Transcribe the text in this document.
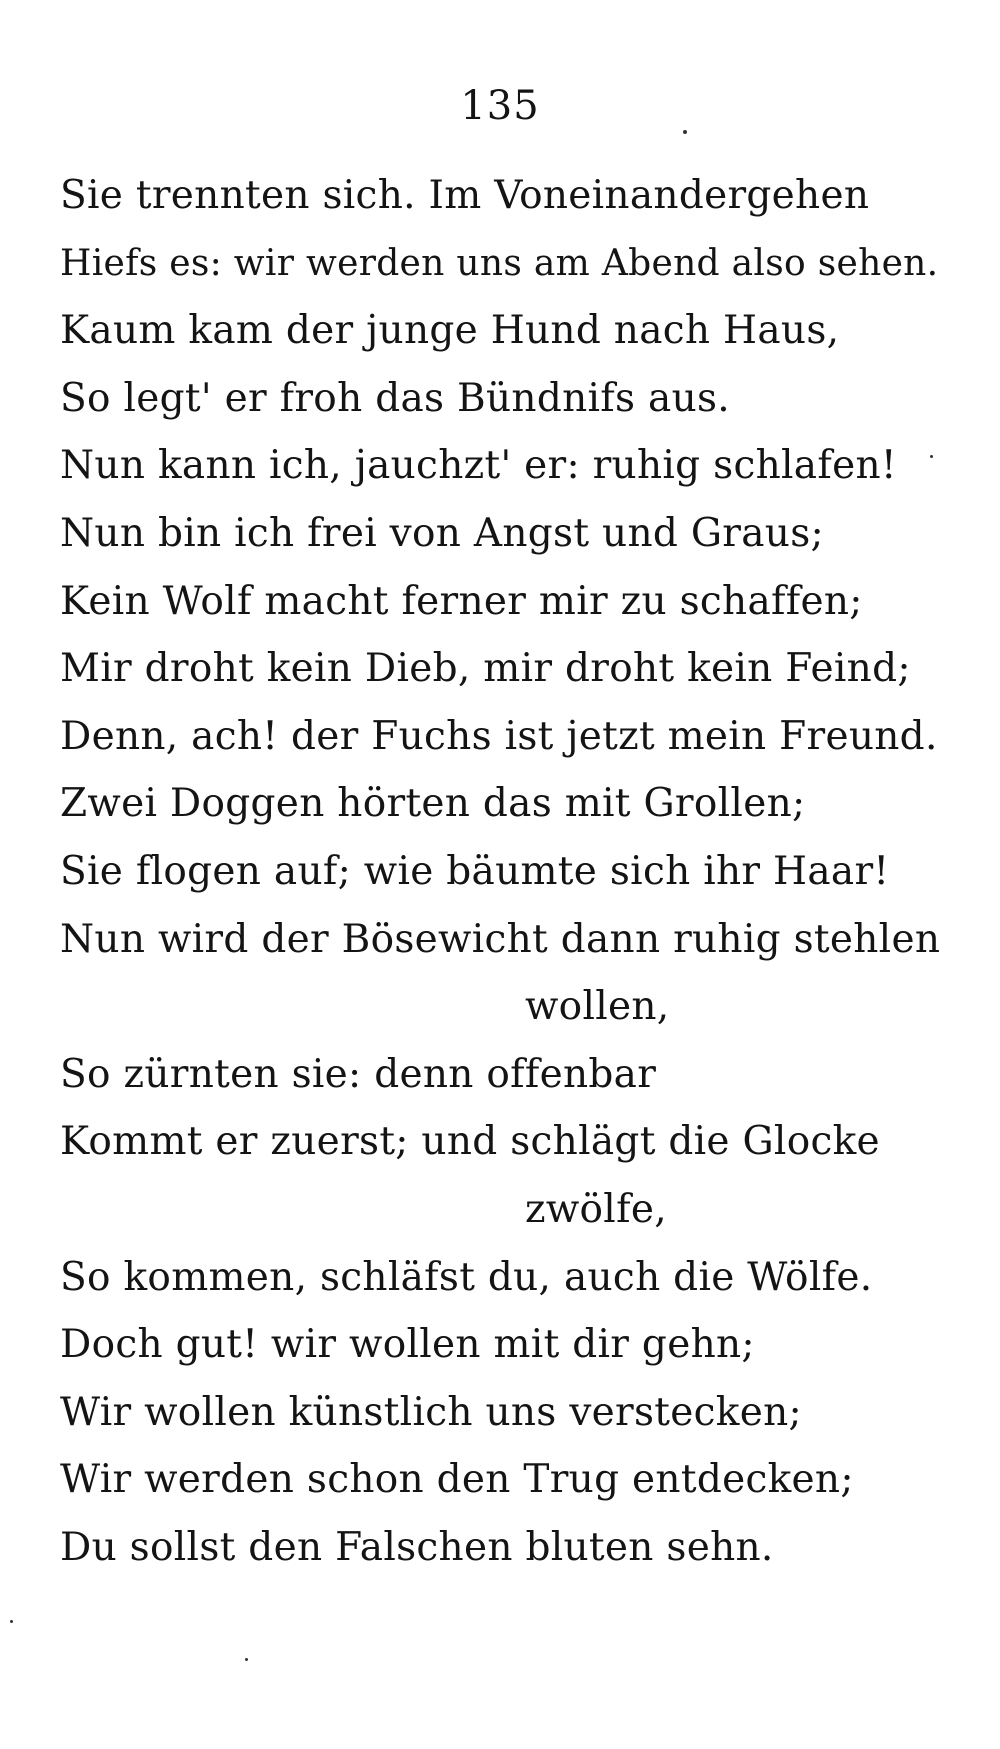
135
Sie trennten sich. Im Voneinandergehen
Hiefs es: wir werden uns am Abend also sehen.
Kaum kam der junge Hund nach Haus,
So legt' er froh das Bündnifs aus.
Nun kann ich, jauchzt' er: ruhig schlafen!
Nun bin ich frei von Angst und Graus;
Kein Wolf macht ferner mir zu schaffen;
Mir droht kein Dieb, mir droht kein Feind;
Denn, ach! der Fuchs ist jetzt mein Freund.
Zwei Doggen hörten das mit Grollen;
Sie flogen auf; wie bäumte sich ihr Haar!
Nun wird der Bösewicht dann ruhig stehlen
wollen,
So zürnten sie: denn offenbar
Kommt er zuerst; und schlägt die Glocke
zwölfe,
So kommen, schläfst du, auch die Wölfe.
Doch gut! wir wollen mit dir gehn;
Wir wollen künstlich uns verstecken;
Wir werden schon den Trug entdecken;
Du sollst den Falschen bluten sehn.
